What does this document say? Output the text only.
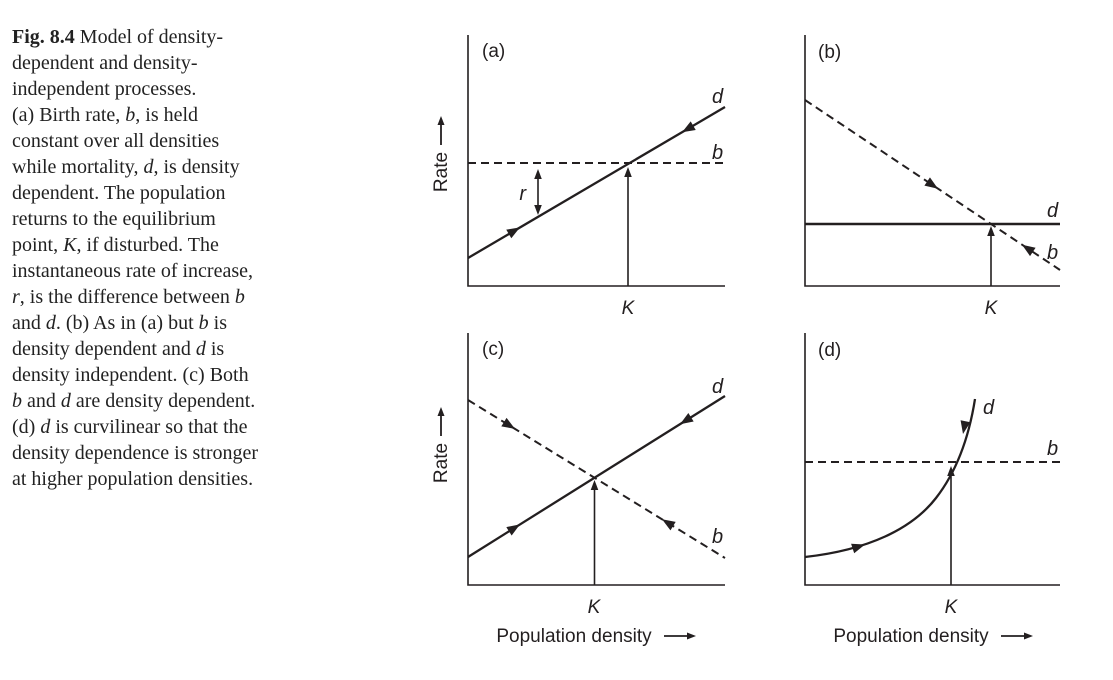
Fig. 8.4 Model of density-
dependent and density-
independent processes.
(a) Birth rate, b, is held
constant over all densities
while mortality, d, is density
dependent. The population
returns to the equilibrium
point, K, if disturbed. The
instantaneous rate of increase,
r, is the difference between b
and d. (b) As in (a) but b is
density dependent and d is
density independent. (c) Both
b and d are density dependent.
(d) d is curvilinear so that the
density dependence is stronger
at higher population densities.
Rate
(a)
d
b
r
K
(b)
d
b
K
Rate
(c)
d
b
K
Population density
(d)
d
b
K
Population density
